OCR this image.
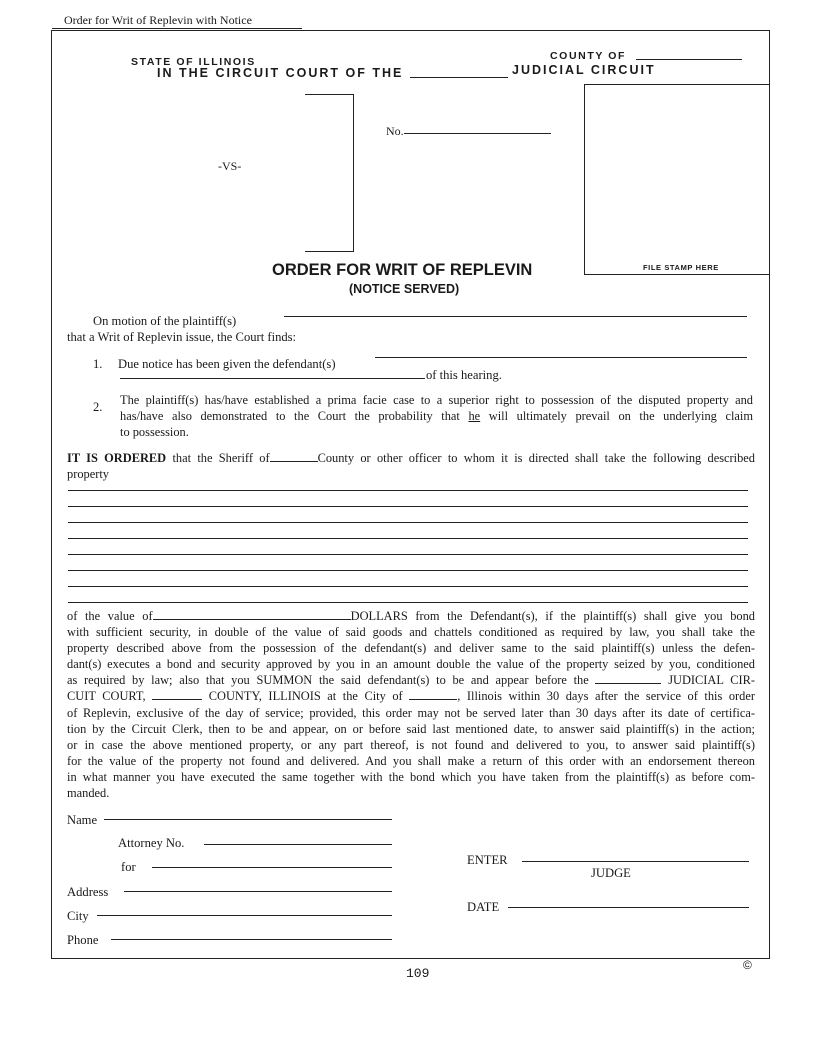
Order for Writ of Replevin with Notice
STATE OF ILLINOIS
IN THE CIRCUIT COURT OF THE
COUNTY OF
JUDICIAL CIRCUIT
-VS-
No.
FILE STAMP HERE
ORDER FOR WRIT OF REPLEVIN
(NOTICE SERVED)
On motion of the plaintiff(s)
that a Writ of Replevin issue, the Court finds:
1. Due notice has been given the defendant(s)
of this hearing.
2. The plaintiff(s) has/have established a prima facie case to a superior right to possession of the disputed property and
has/have also demonstrated to the Court the probability that he will ultimately prevail on the underlying claim
to possession.
IT IS ORDERED that the Sheriff of	County or other officer to whom it is directed shall take the following described
property
of the value of	DOLLARS from the Defendant(s), if the plaintiff(s) shall give you bond
with sufficient security, in double of the value of said goods and chattels conditioned as required by law, you shall take the
property described above from the possession of the defendant(s) and deliver same to the said plaintiff(s) unless the defen-
dant(s) executes a bond and security approved by you in an amount double the value of the property seized by you, conditioned
as required by law; also that you SUMMON the said defendant(s) to be and appear before the	JUDICIAL CIR-
CUIT COURT,	COUNTY, ILLINOIS at the City of	, Illinois within 30 days after the service of this order
of Replevin, exclusive of the day of service; provided, this order may not be served later than 30 days after its date of certifica-
tion by the Circuit Clerk, then to be and appear, on or before said last mentioned date, to answer said plaintiff(s) in the action;
or in case the above mentioned property, or any part thereof, is not found and delivered to you, to answer said plaintiff(s)
for the value of the property not found and delivered. And you shall make a return of this order with an endorsement thereon
in what manner you have executed the same together with the bond which you have taken from the plaintiff(s) as before com-
manded.
Name
Attorney No.
for
Address
City
Phone
ENTER
JUDGE
DATE
109
©
